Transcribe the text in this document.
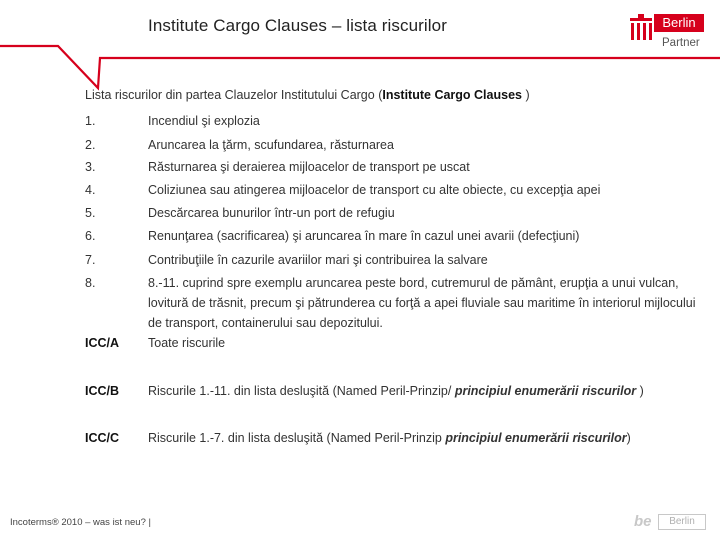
Institute Cargo Clauses – lista riscurilor	Berlin
Partner
Lista riscurilor din partea Clauzelor Institutului Cargo (Institute Cargo Clauses )
1.	Incendiul şi explozia
2.	Aruncarea la ţărm, scufundarea, răsturnarea
3.	Răsturnarea şi deraierea mijloacelor de transport pe uscat
4.	Coliziunea sau atingerea mijloacelor de transport cu alte obiecte, cu excepţia apei
5.	Descărcarea bunurilor într-un port de refugiu
6.	Renunţarea (sacrificarea) şi aruncarea în mare în cazul unei avarii (defecţiuni)
7.	Contribuţiile în cazurile avariilor mari şi contribuirea la salvare
8.	8.-11. cuprind spre exemplu aruncarea peste bord, cutremurul de pământ, erupţia a unui vulcan, lovitură de trăsnit, precum şi pătrunderea cu forţă a apei fluviale sau maritime în interiorul mijlocului de transport, containerului sau depozitului.
ICC/A	Toate riscurile
ICC/B	Riscurile 1.-11. din lista desluşită (Named Peril-Prinzip/ principiul enumerării riscurilor )
ICC/C	Riscurile 1.-7. din lista desluşită (Named Peril-Prinzip principiul enumerării riscurilor)
Incoterms® 2010 – was ist neu? |	be	Berlin
